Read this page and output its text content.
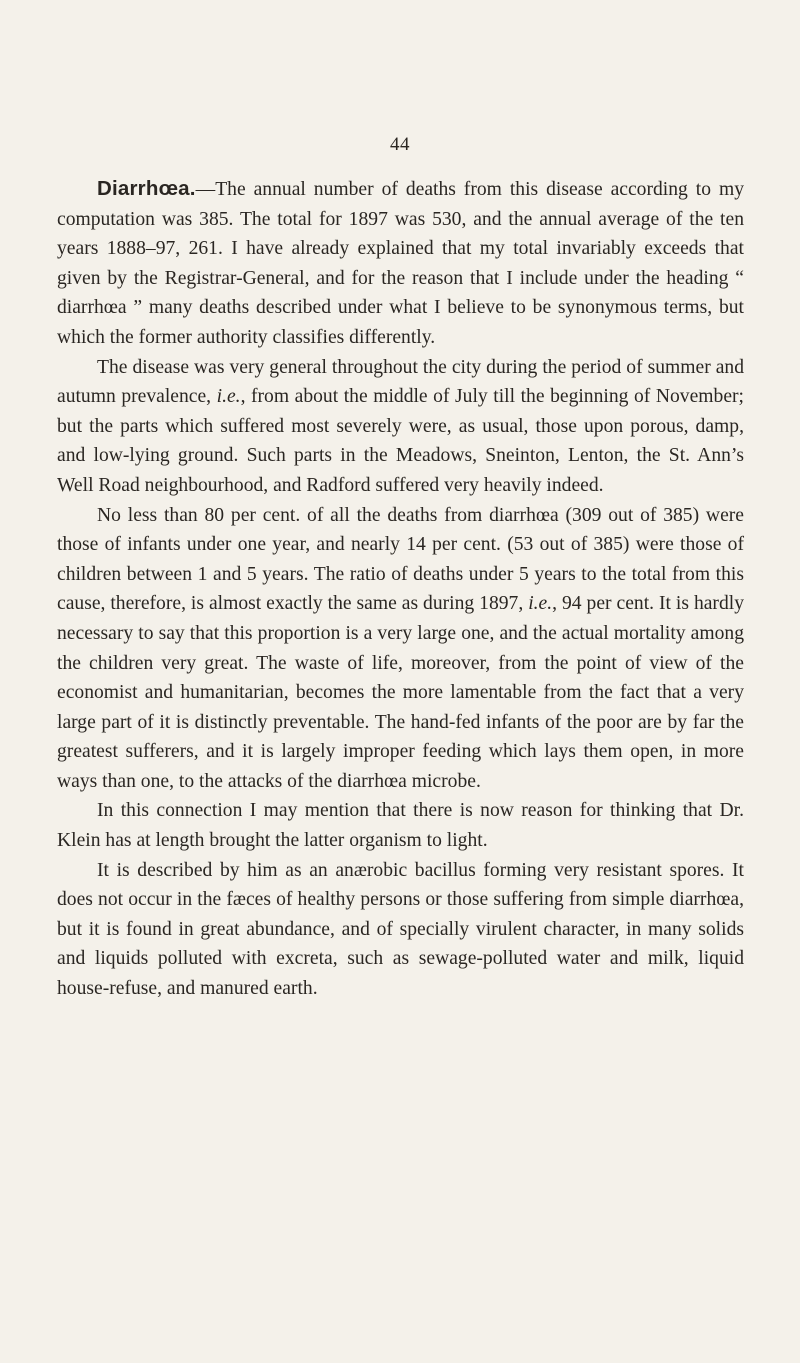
44

Diarrhœa.—The annual number of deaths from this disease according to my computation was 385. The total for 1897 was 530, and the annual average of the ten years 1888–97, 261. I have already explained that my total invariably exceeds that given by the Registrar-General, and for the reason that I include under the heading “ diarrhœa ” many deaths described under what I believe to be synonymous terms, but which the former authority classifies differently.

The disease was very general throughout the city during the period of summer and autumn prevalence, i.e., from about the middle of July till the beginning of November; but the parts which suffered most severely were, as usual, those upon porous, damp, and low-lying ground. Such parts in the Meadows, Sneinton, Lenton, the St. Ann’s Well Road neighbourhood, and Radford suffered very heavily indeed.

No less than 80 per cent. of all the deaths from diarrhœa (309 out of 385) were those of infants under one year, and nearly 14 per cent. (53 out of 385) were those of children between 1 and 5 years. The ratio of deaths under 5 years to the total from this cause, therefore, is almost exactly the same as during 1897, i.e., 94 per cent. It is hardly necessary to say that this proportion is a very large one, and the actual mortality among the children very great. The waste of life, moreover, from the point of view of the economist and humanitarian, becomes the more lamentable from the fact that a very large part of it is distinctly preventable. The hand-fed infants of the poor are by far the greatest sufferers, and it is largely improper feeding which lays them open, in more ways than one, to the attacks of the diarrhœa microbe.

In this connection I may mention that there is now reason for thinking that Dr. Klein has at length brought the latter organism to light.

It is described by him as an anærobic bacillus forming very resistant spores. It does not occur in the fæces of healthy persons or those suffering from simple diarrhœa, but it is found in great abundance, and of specially virulent character, in many solids and liquids polluted with excreta, such as sewage-polluted water and milk, liquid house-refuse, and manured earth.
